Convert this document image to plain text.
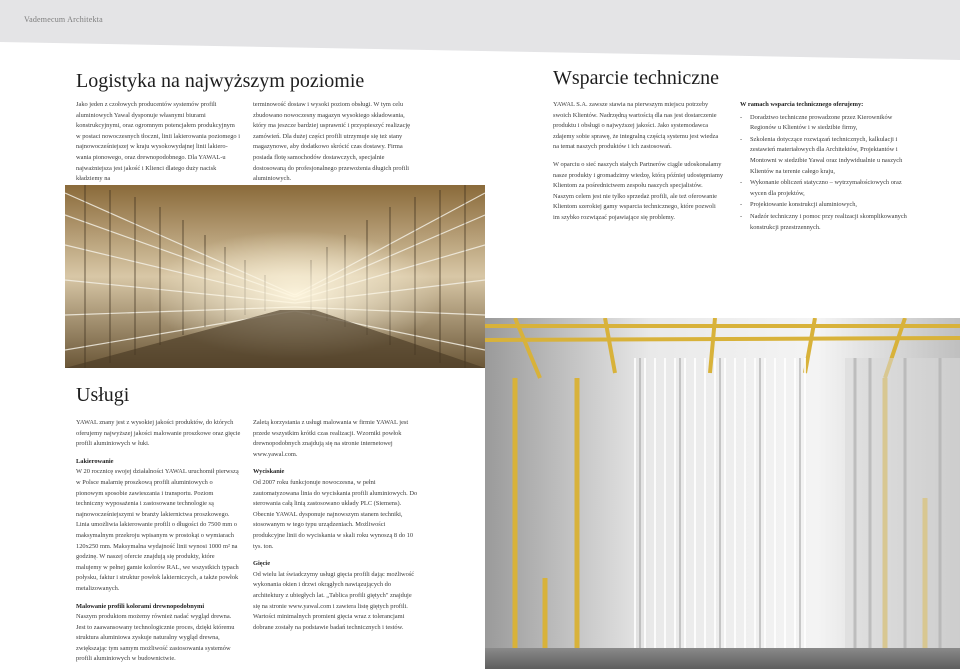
Vademecum Architekta
Logistyka na najwyższym poziomie

Jako jeden z czołowych producentów systemów profili aluminiowych Yawal dysponuje własnymi biurami konstrukcyjnymi, oraz ogromnym potencjałem produkcyjnym w postaci nowoczesnych tłoczni, linii lakierowania poziomego i najnowocześniejszej w kraju wysokowydajnej linii lakiero-wania pionowego, oraz drewnopodobnego. Dla YAWAL-u najważniejsza jest jakość i Klienci dlatego duży nacisk kładziemy na

terminowość dostaw i wysoki poziom obsługi. W tym celu zbudowano nowoczesny magazyn wysokiego składowania, który ma jeszcze bardziej usprawnić i przyspieszyć realizację zamówień. Dla dużej części profili utrzymuje się też stany magazynowe, aby dodatkowo skrócić czas dostawy. Firma posiada flotę samochodów dostawczych, specjalnie dostosowaną do profesjonalnego przewożenia długich profili aluminiowych.

Usługi

YAWAL znany jest z wysokiej jakości produktów, do których oferujemy najwyższej jakości malowanie proszkowe oraz gięcie profili aluminiowych w łuki.

Lakierowanie

W 20 rocznicę swojej działalności YAWAL uruchomił pierwszą w Polsce malarnię proszkową profili aluminiowych o pionowym sposobie zawieszania i transportu. Poziom techniczny wyposażenia i zastosowane technologie są najnowocześniejszymi w branży lakiernictwa proszkowego. Linia umożliwia lakierowanie profili o długości do 7500 mm o maksymalnym przekroju wpisanym w prostokąt o wymiarach 120x250 mm. Maksymalna wydajność linii wynosi 1000 m² na godzinę. W naszej ofercie znajdują się produkty, które malujemy w pełnej gamie kolorów RAL, we wszystkich typach połysku, faktur i struktur powłok lakierniczych, a także powłok metalizowanych.

Malowanie profili kolorami drewnopodobnymi

Naszym produktom możemy również nadać wygląd drewna. Jest to zaawansowany technologicznie proces, dzięki któremu struktura aluminiowa zyskuje naturalny wygląd drewna, zwiększając tym samym możliwość zastosowania systemów profili aluminiowych w budownictwie.

Zaletą korzystania z usługi malowania w firmie YAWAL jest przede wszystkim krótki czas realizacji. Wzorniki powłok drewnopodobnych znajdują się na stronie internetowej www.yawal.com.

Wyciskanie

Od 2007 roku funkcjonuje nowoczesna, w pełni zautomatyzowana linia do wyciskania profili aluminiowych. Do sterowania całą linią zastosowano układy PLC (Siemens). Obecnie YAWAL dysponuje najnowszym stanem techniki, stosowanym w tego typu urządzeniach. Możliwości produkcyjne linii do wyciskania w skali roku wynoszą 8 do 10 tys. ton.

Gięcie

Od wielu lat świadczymy usługi gięcia profili dając możliwość wykonania okien i drzwi okrągłych nawiązujących do architektury z ubiegłych lat. „Tablica profili giętych" znajduje się na stronie www.yawal.com i zawiera listę giętych profili. Wartości minimalnych promieni gięcia wraz z tolerancjami dobrane zostały na podstawie badań technicznych i testów.

Wsparcie techniczne

YAWAL S.A. zawsze stawia na pierwszym miejscu potrzeby swoich Klientów. Nadrzędną wartością dla nas jest dostarczenie produktu i obsługi o najwyższej jakości. Jako systemodawca zdajemy sobie sprawę, że integralną częścią systemu jest wiedza na temat naszych produktów i ich zastosowań.

W oparciu o sieć naszych stałych Partnerów ciągle udoskonalamy nasze produkty i gromadzimy wiedzę, którą później udostępniamy Klientom za pośrednictwem zespołu naszych specjalistów. Naszym celem jest nie tylko sprzedaż profili, ale też oferowanie Klientom szerokiej gamy wsparcia technicznego, które pozwoli im szybko rozwiązać pojawiające się problemy.

W ramach wsparcia technicznego oferujemy:
- Doradztwo techniczne prowadzone przez Kierowników Regionów u Klientów i w siedzibie firmy,
- Szkolenia dotyczące rozwiązań technicznych, kalkulacji i zestawień materiałowych dla Architektów, Projektantów i Montowni w siedzibie Yawal oraz indywidualnie u naszych Klientów na terenie całego kraju,
- Wykonanie obliczeń statyczno – wytrzymałościowych oraz wycen dla projektów,
- Projektowanie konstrukcji aluminiowych,
- Nadzór techniczny i pomoc przy realizacji skomplikowanych konstrukcji przestrzennych.
